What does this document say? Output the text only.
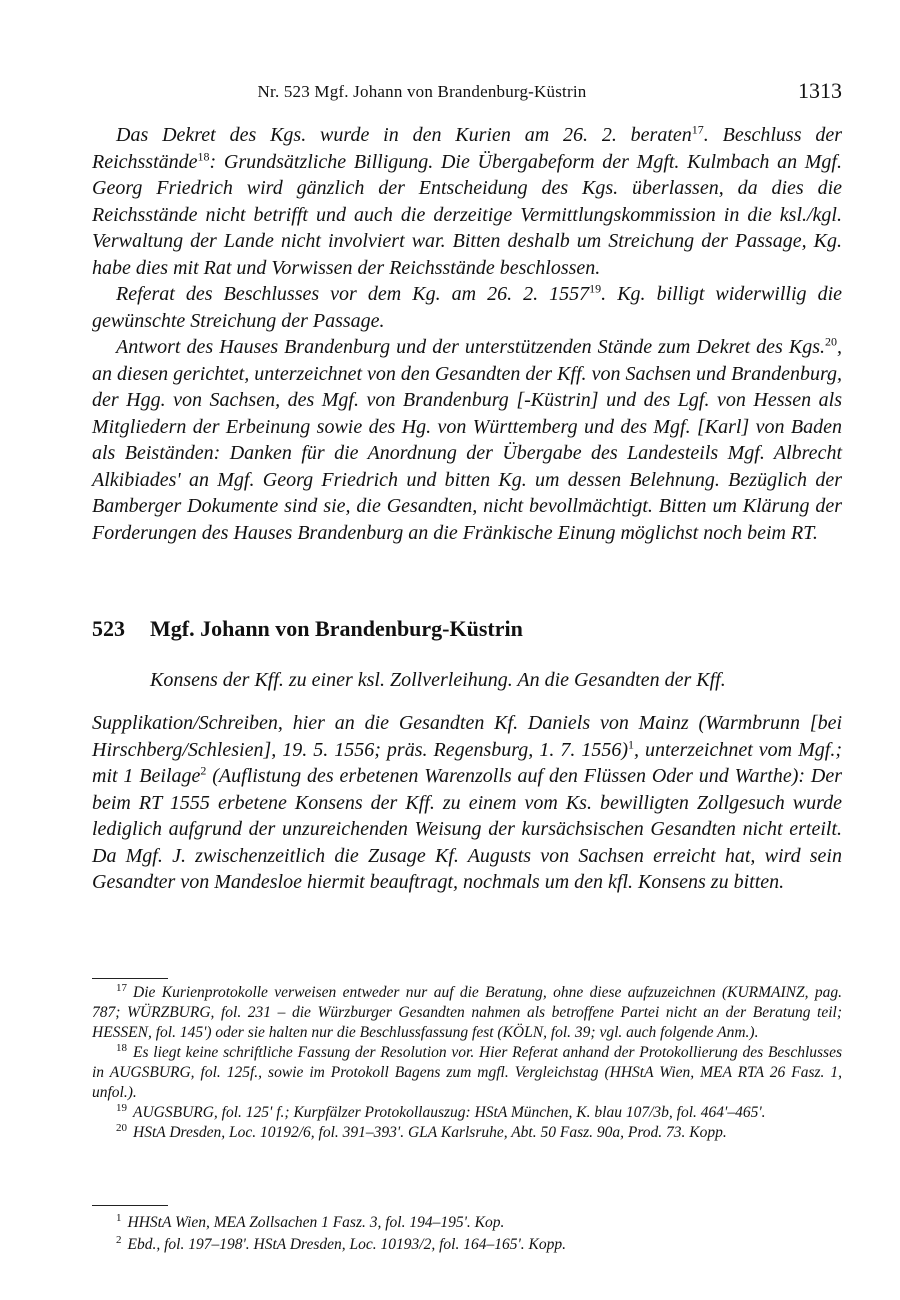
Nr. 523 Mgf. Johann von Brandenburg-Küstrin	1313

Das Dekret des Kgs. wurde in den Kurien am 26. 2. beraten$^{17}$. Beschluss der Reichsstände$^{18}$: Grundsätzliche Billigung. Die Übergabeform der Mgft. Kulmbach an Mgf. Georg Friedrich wird gänzlich der Entscheidung des Kgs. überlassen, da dies die Reichsstände nicht betrifft und auch die derzeitige Vermittlungskommission in die ksl./kgl. Verwaltung der Lande nicht involviert war. Bitten deshalb um Streichung der Passage, Kg. habe dies mit Rat und Vorwissen der Reichsstände beschlossen.

Referat des Beschlusses vor dem Kg. am 26. 2. 1557$^{19}$. Kg. billigt widerwillig die gewünschte Streichung der Passage.

Antwort des Hauses Brandenburg und der unterstützenden Stände zum Dekret des Kgs.$^{20}$, an diesen gerichtet, unterzeichnet von den Gesandten der Kff. von Sachsen und Brandenburg, der Hgg. von Sachsen, des Mgf. von Brandenburg [-Küstrin] und des Lgf. von Hessen als Mitgliedern der Erbeinung sowie des Hg. von Württemberg und des Mgf. [Karl] von Baden als Beiständen: Danken für die Anordnung der Übergabe des Landesteils Mgf. Albrecht Alkibiades' an Mgf. Georg Friedrich und bitten Kg. um dessen Belehnung. Bezüglich der Bamberger Dokumente sind sie, die Gesandten, nicht bevollmächtigt. Bitten um Klärung der Forderungen des Hauses Brandenburg an die Fränkische Einung möglichst noch beim RT.

523 Mgf. Johann von Brandenburg-Küstrin
Konsens der Kff. zu einer ksl. Zollverleihung. An die Gesandten der Kff.

Supplikation/Schreiben, hier an die Gesandten Kf. Daniels von Mainz (Warmbrunn [bei Hirschberg/Schlesien], 19. 5. 1556; präs. Regensburg, 1. 7. 1556)$^1$, unterzeichnet vom Mgf.; mit 1 Beilage$^2$ (Auflistung des erbetenen Warenzolls auf den Flüssen Oder und Warthe): Der beim RT 1555 erbetene Konsens der Kff. zu einem vom Ks. bewilligten Zollgesuch wurde lediglich aufgrund der unzureichenden Weisung der kursächsischen Gesandten nicht erteilt. Da Mgf. J. zwischenzeitlich die Zusage Kf. Augusts von Sachsen erreicht hat, wird sein Gesandter von Mandesloe hiermit beauftragt, nochmals um den kfl. Konsens zu bitten.

$^{17}$ Die Kurienprotokolle verweisen entweder nur auf die Beratung, ohne diese aufzuzeichnen (KURMAINZ, pag. 787; WÜRZBURG, fol. 231 – die Würzburger Gesandten nahmen als betroffene Partei nicht an der Beratung teil; HESSEN, fol. 145') oder sie halten nur die Beschlussfassung fest (KÖLN, fol. 39; vgl. auch folgende Anm.).

$^{18}$ Es liegt keine schriftliche Fassung der Resolution vor. Hier Referat anhand der Protokollierung des Beschlusses in AUGSBURG, fol. 125f., sowie im Protokoll Bagens zum mgfl. Vergleichstag (HHStA Wien, MEA RTA 26 Fasz. 1, unfol.).

$^{19}$ AUGSBURG, fol. 125' f.; Kurpfälzer Protokollauszug: HStA München, K. blau 107/3b, fol. 464'–465'.

$^{20}$ HStA Dresden, Loc. 10192/6, fol. 391–393'. GLA Karlsruhe, Abt. 50 Fasz. 90a, Prod. 73. Kopp.

$^1$ HHStA Wien, MEA Zollsachen 1 Fasz. 3, fol. 194–195'. Kop.

$^2$ Ebd., fol. 197–198'. HStA Dresden, Loc. 10193/2, fol. 164–165'. Kopp.
